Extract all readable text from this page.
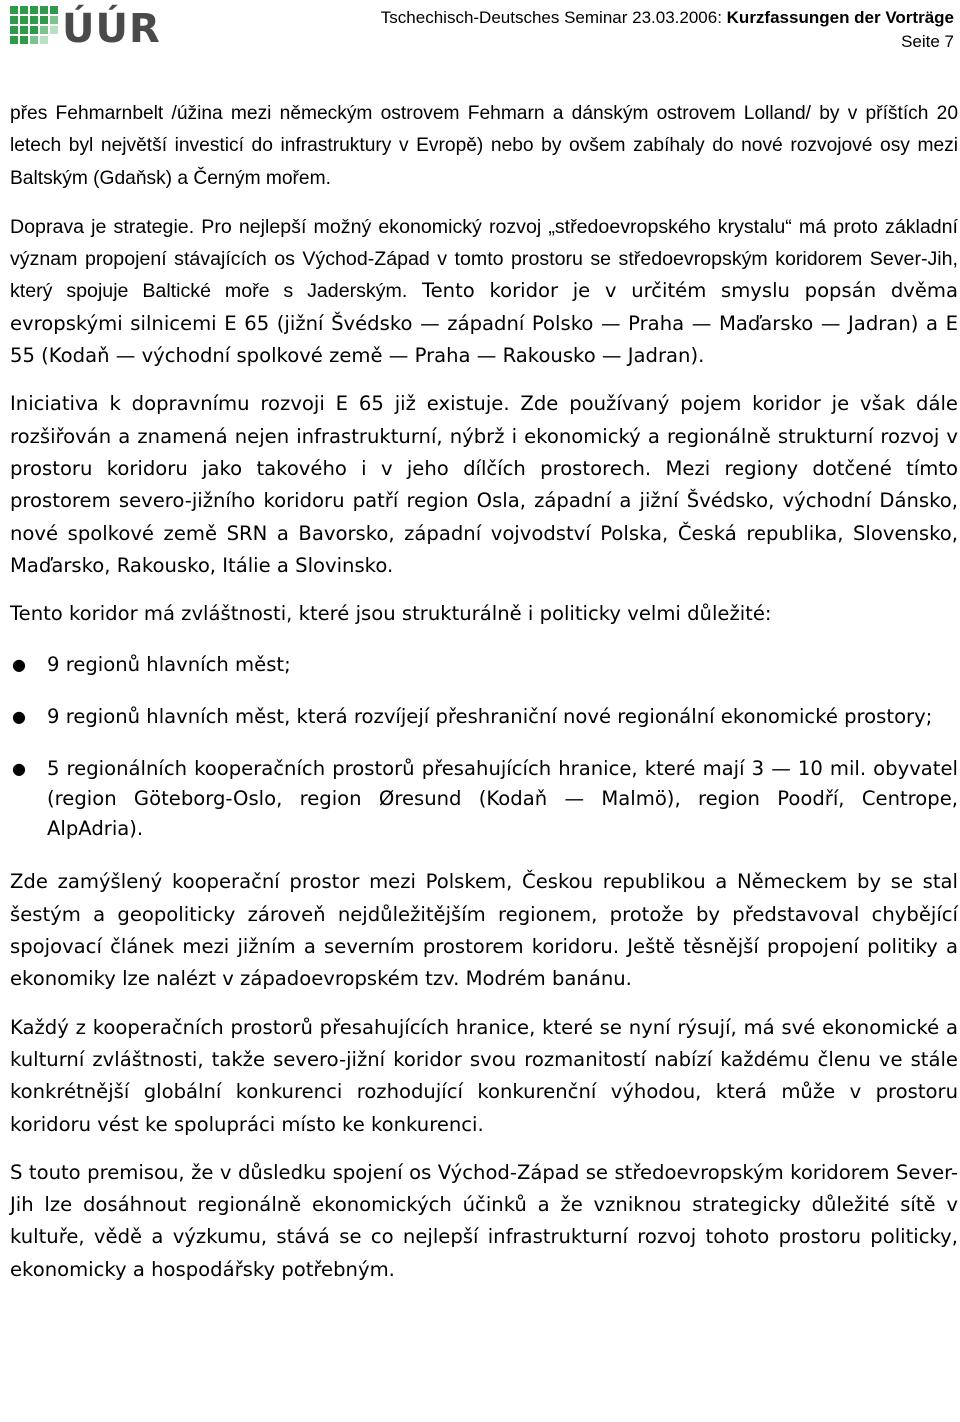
ÚÚR	Tschechisch-Deutsches Seminar 23.03.2006: Kurzfassungen der Vorträge
Seite 7

přes Fehmarnbelt /úžina mezi německým ostrovem Fehmarn a dánským ostrovem Lolland/ by v příštích 20 letech byl největší investicí do infrastruktury v Evropě) nebo by ovšem zabíhaly do nové rozvojové osy mezi Baltským (Gdaňsk) a Černým mořem.

Doprava je strategie. Pro nejlepší možný ekonomický rozvoj „středoevropského krystalu“ má proto základní význam propojení stávajících os Východ-Západ v tomto prostoru se středoevropským koridorem Sever-Jih, který spojuje Baltické moře s Jaderským. Tento koridor je v určitém smyslu popsán dvěma evropskými silnicemi E 65 (jižní Švédsko — západní Polsko — Praha — Maďarsko — Jadran) a E 55 (Kodaň — východní spolkové země — Praha — Rakousko — Jadran).

Iniciativa k dopravnímu rozvoji E 65 již existuje. Zde používaný pojem koridor je však dále rozšiřován a znamená nejen infrastrukturní, nýbrž i ekonomický a regionálně strukturní rozvoj v prostoru koridoru jako takového i v jeho dílčích prostorech. Mezi regiony dotčené tímto prostorem severo-jižního koridoru patří region Osla, západní a jižní Švédsko, východní Dánsko, nové spolkové země SRN a Bavorsko, západní vojvodství Polska, Česká republika, Slovensko, Maďarsko, Rakousko, Itálie a Slovinsko.

Tento koridor má zvláštnosti, které jsou strukturálně i politicky velmi důležité:

● 9 regionů hlavních měst;
● 9 regionů hlavních měst, která rozvíjejí přeshraniční nové regionální ekonomické prostory;
● 5 regionálních kooperačních prostorů přesahujících hranice, které mají 3 — 10 mil. obyvatel (region Göteborg-Oslo, region Øresund (Kodaň — Malmö), region Poodří, Centrope, AlpAdria).

Zde zamýšlený kooperační prostor mezi Polskem, Českou republikou a Německem by se stal šestým a geopoliticky zároveň nejdůležitějším regionem, protože by představoval chybějící spojovací článek mezi jižním a severním prostorem koridoru. Ještě těsnější propojení politiky a ekonomiky lze nalézt v západoevropském tzv. Modrém banánu.

Každý z kooperačních prostorů přesahujících hranice, které se nyní rýsují, má své ekonomické a kulturní zvláštnosti, takže severo-jižní koridor svou rozmanitostí nabízí každému členu ve stále konkrétnější globální konkurenci rozhodující konkurenční výhodou, která může v prostoru koridoru vést ke spolupráci místo ke konkurenci.

S touto premisou, že v důsledku spojení os Východ-Západ se středoevropským koridorem Sever-Jih lze dosáhnout regionálně ekonomických účinků a že vzniknou strategicky důležité sítě v kultuře, vědě a výzkumu, stává se co nejlepší infrastrukturní rozvoj tohoto prostoru politicky, ekonomicky a hospodářsky potřebným.
